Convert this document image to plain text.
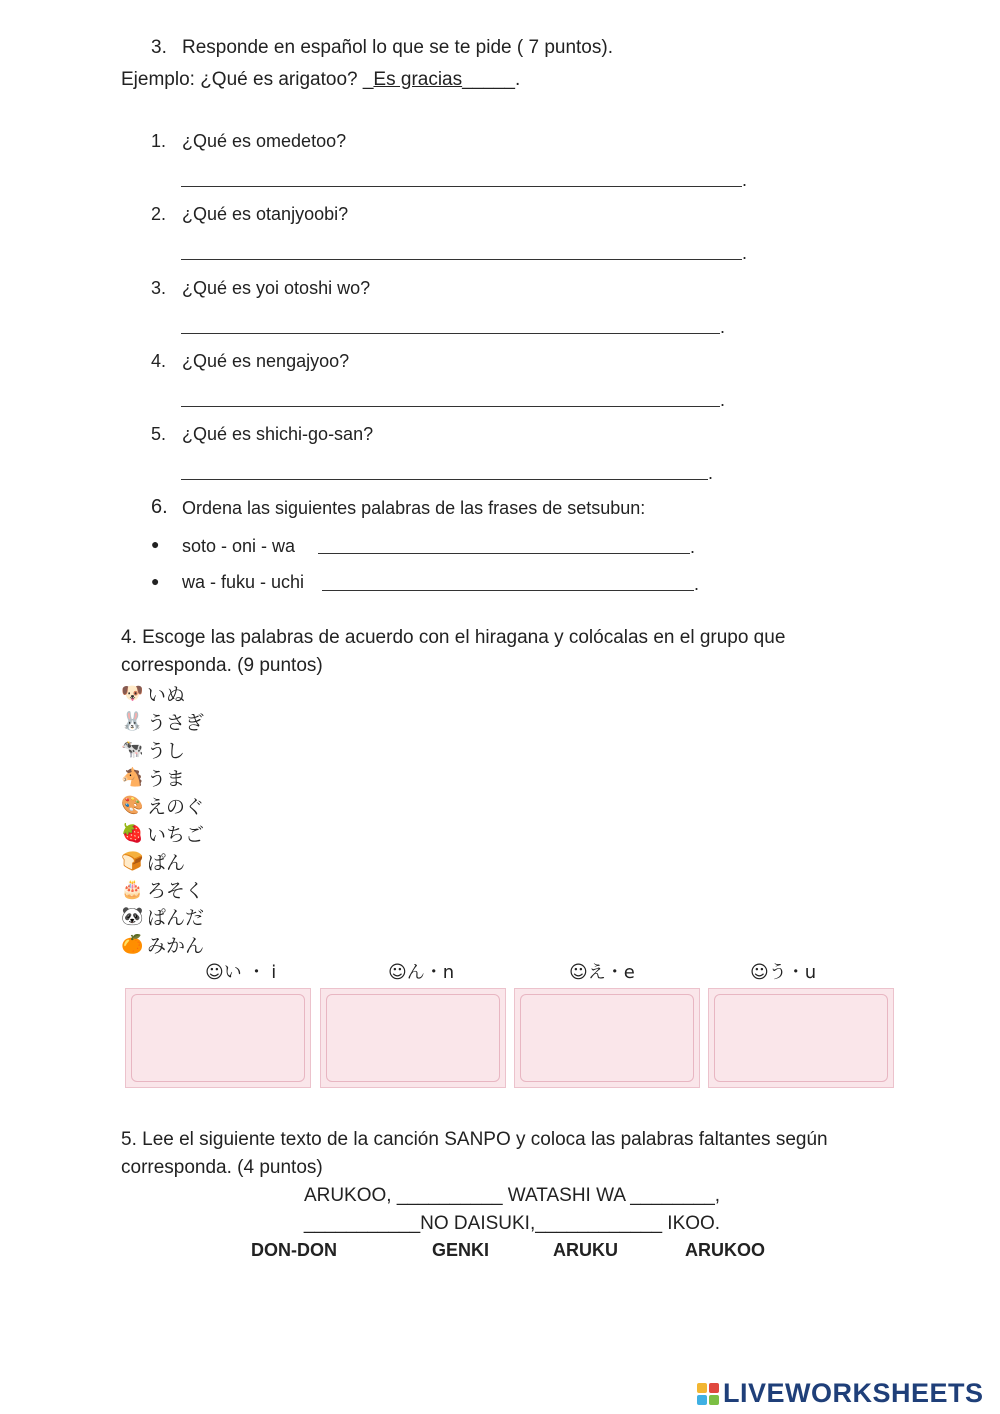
3. Responde en español lo que se te pide ( 7 puntos).
Ejemplo: ¿Qué es arigatoo? _Es gracias_____.
1. ¿Qué es omedetoo?
.
2. ¿Qué es otanjyoobi?
.
3. ¿Qué es yoi otoshi wo?
.
4. ¿Qué es nengajyoo?
.
5. ¿Qué es shichi-go-san?
.
6. Ordena las siguientes palabras de las frases de setsubun:
● soto - oni - wa	.
● wa - fuku - uchi	.
4. Escoge las palabras de acuerdo con el hiragana y colócalas en el grupo que
corresponda. (9 puntos)
🐶 いぬ
🐰 うさぎ
🐄 うし
🐴 うま
🎨 えのぐ
🍓 いちご
🍞 ぱん
🎂 ろそく
🐼 ぱんだ
🍊 みかん
☺い ・ i	☺ん・n	☺え・e	☺う・u
5. Lee el siguiente texto de la canción SANPO y coloca las palabras faltantes según
corresponda. (4 puntos)
ARUKOO, __________ WATASHI WA ________,
___________NO DAISUKI,____________ IKOO.
DON-DON	GENKI	ARUKU	ARUKOO
LIVEWORKSHEETS
